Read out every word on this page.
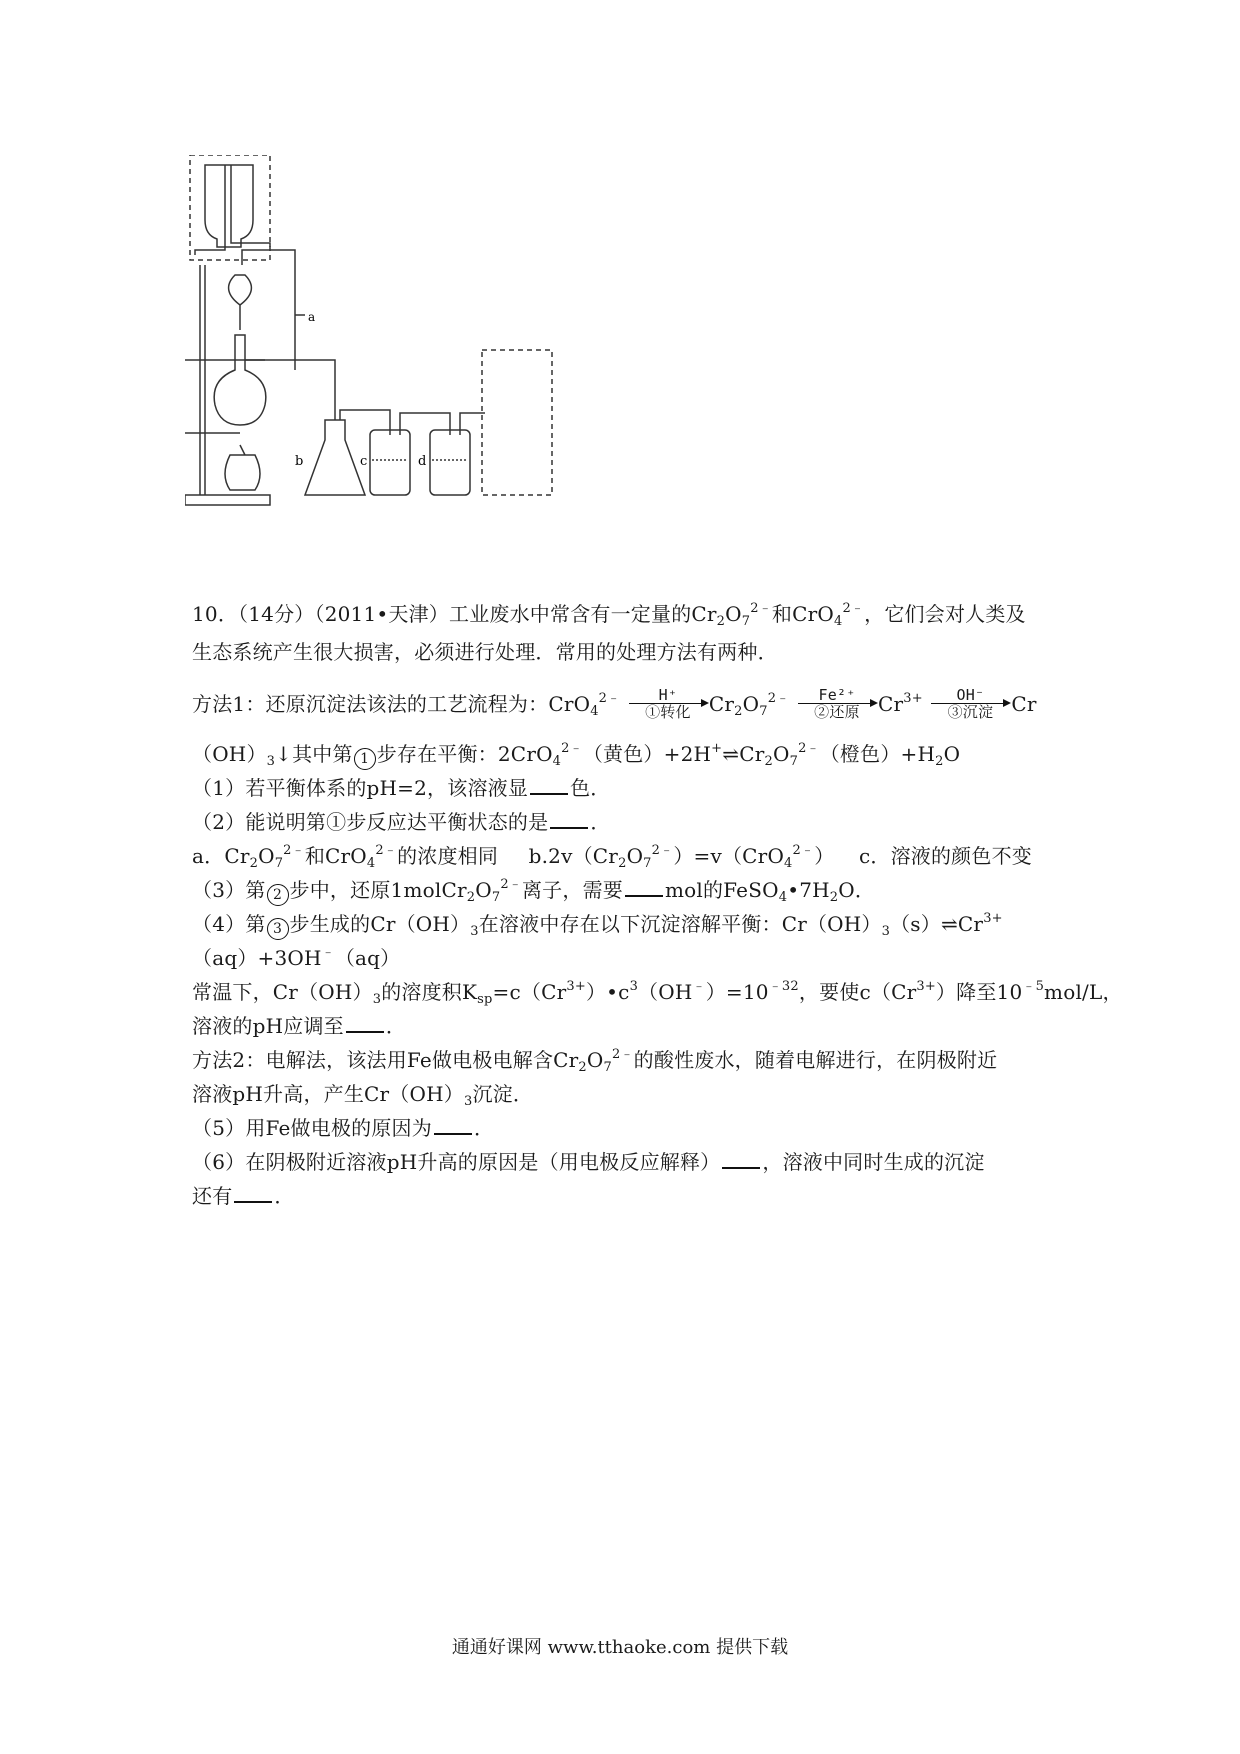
a
b	c	d
10．（14分）（2011•天津）工业废水中常含有一定量的$Cr_2O_7^{2﹣}$和CrO$_4^{2﹣}$，它们会对人类及
生态系统产生很大损害，必须进行处理．常用的处理方法有两种．
方法1：还原沉淀法该法的工艺流程为：CrO$_4^{2﹣}$	H⁺
①转化 $Cr_2O_7^{2﹣}$	Fe²⁺
②还原 $Cr^{3+}$	OH⁻
③沉淀 Cr
$(OH)_3↓$其中第 1 步存在平衡：2CrO$_4^{2﹣}$（黄色）$+2H^+\rightleftharpoons Cr_2O_7^{2﹣}$（橙色）$+H_2O$
（1）若平衡体系的pH=2，该溶液显 色．
（2）能说明第①步反应达平衡状态的是 ．
a．$Cr_2O_7^{2﹣}$和CrO$_4^{2﹣}$的浓度相同 $b.2v(Cr_2O_7^{2﹣})=v(CrO_4^{2﹣})$ c．溶液的颜色不变
（3）第 2 步中，还原$1molCr_2O_7^{2﹣}$离子，需要 mol的$FeSO_4•7H_2O$．
（4）第 3 步生成的$Cr(OH)_3$在溶液中存在以下沉淀溶解平衡：$Cr(OH)_3(s)\rightleftharpoons Cr^{3+}$
（aq）+3OH﹣（aq）
常温下，$Cr(OH)_3$的溶度积$K_{sp}=c(Cr^{3+})•c^3(OH^﹣)=10^{﹣32}$，要使$c(Cr^{3+})$降至$10^{﹣5}mol/L$，
溶液的pH应调至 ．
方法2：电解法，该法用Fe做电极电解含$Cr_2O_7^{2﹣}$的酸性废水，随着电解进行，在阴极附近
溶液pH升高，产生$Cr(OH)_3$沉淀．
（5）用Fe做电极的原因为 ．
（6）在阴极附近溶液pH升高的原因是（用电极反应解释） ，溶液中同时生成的沉淀
还有 ．
通通好课网 www.tthaoke.com 提供下载
